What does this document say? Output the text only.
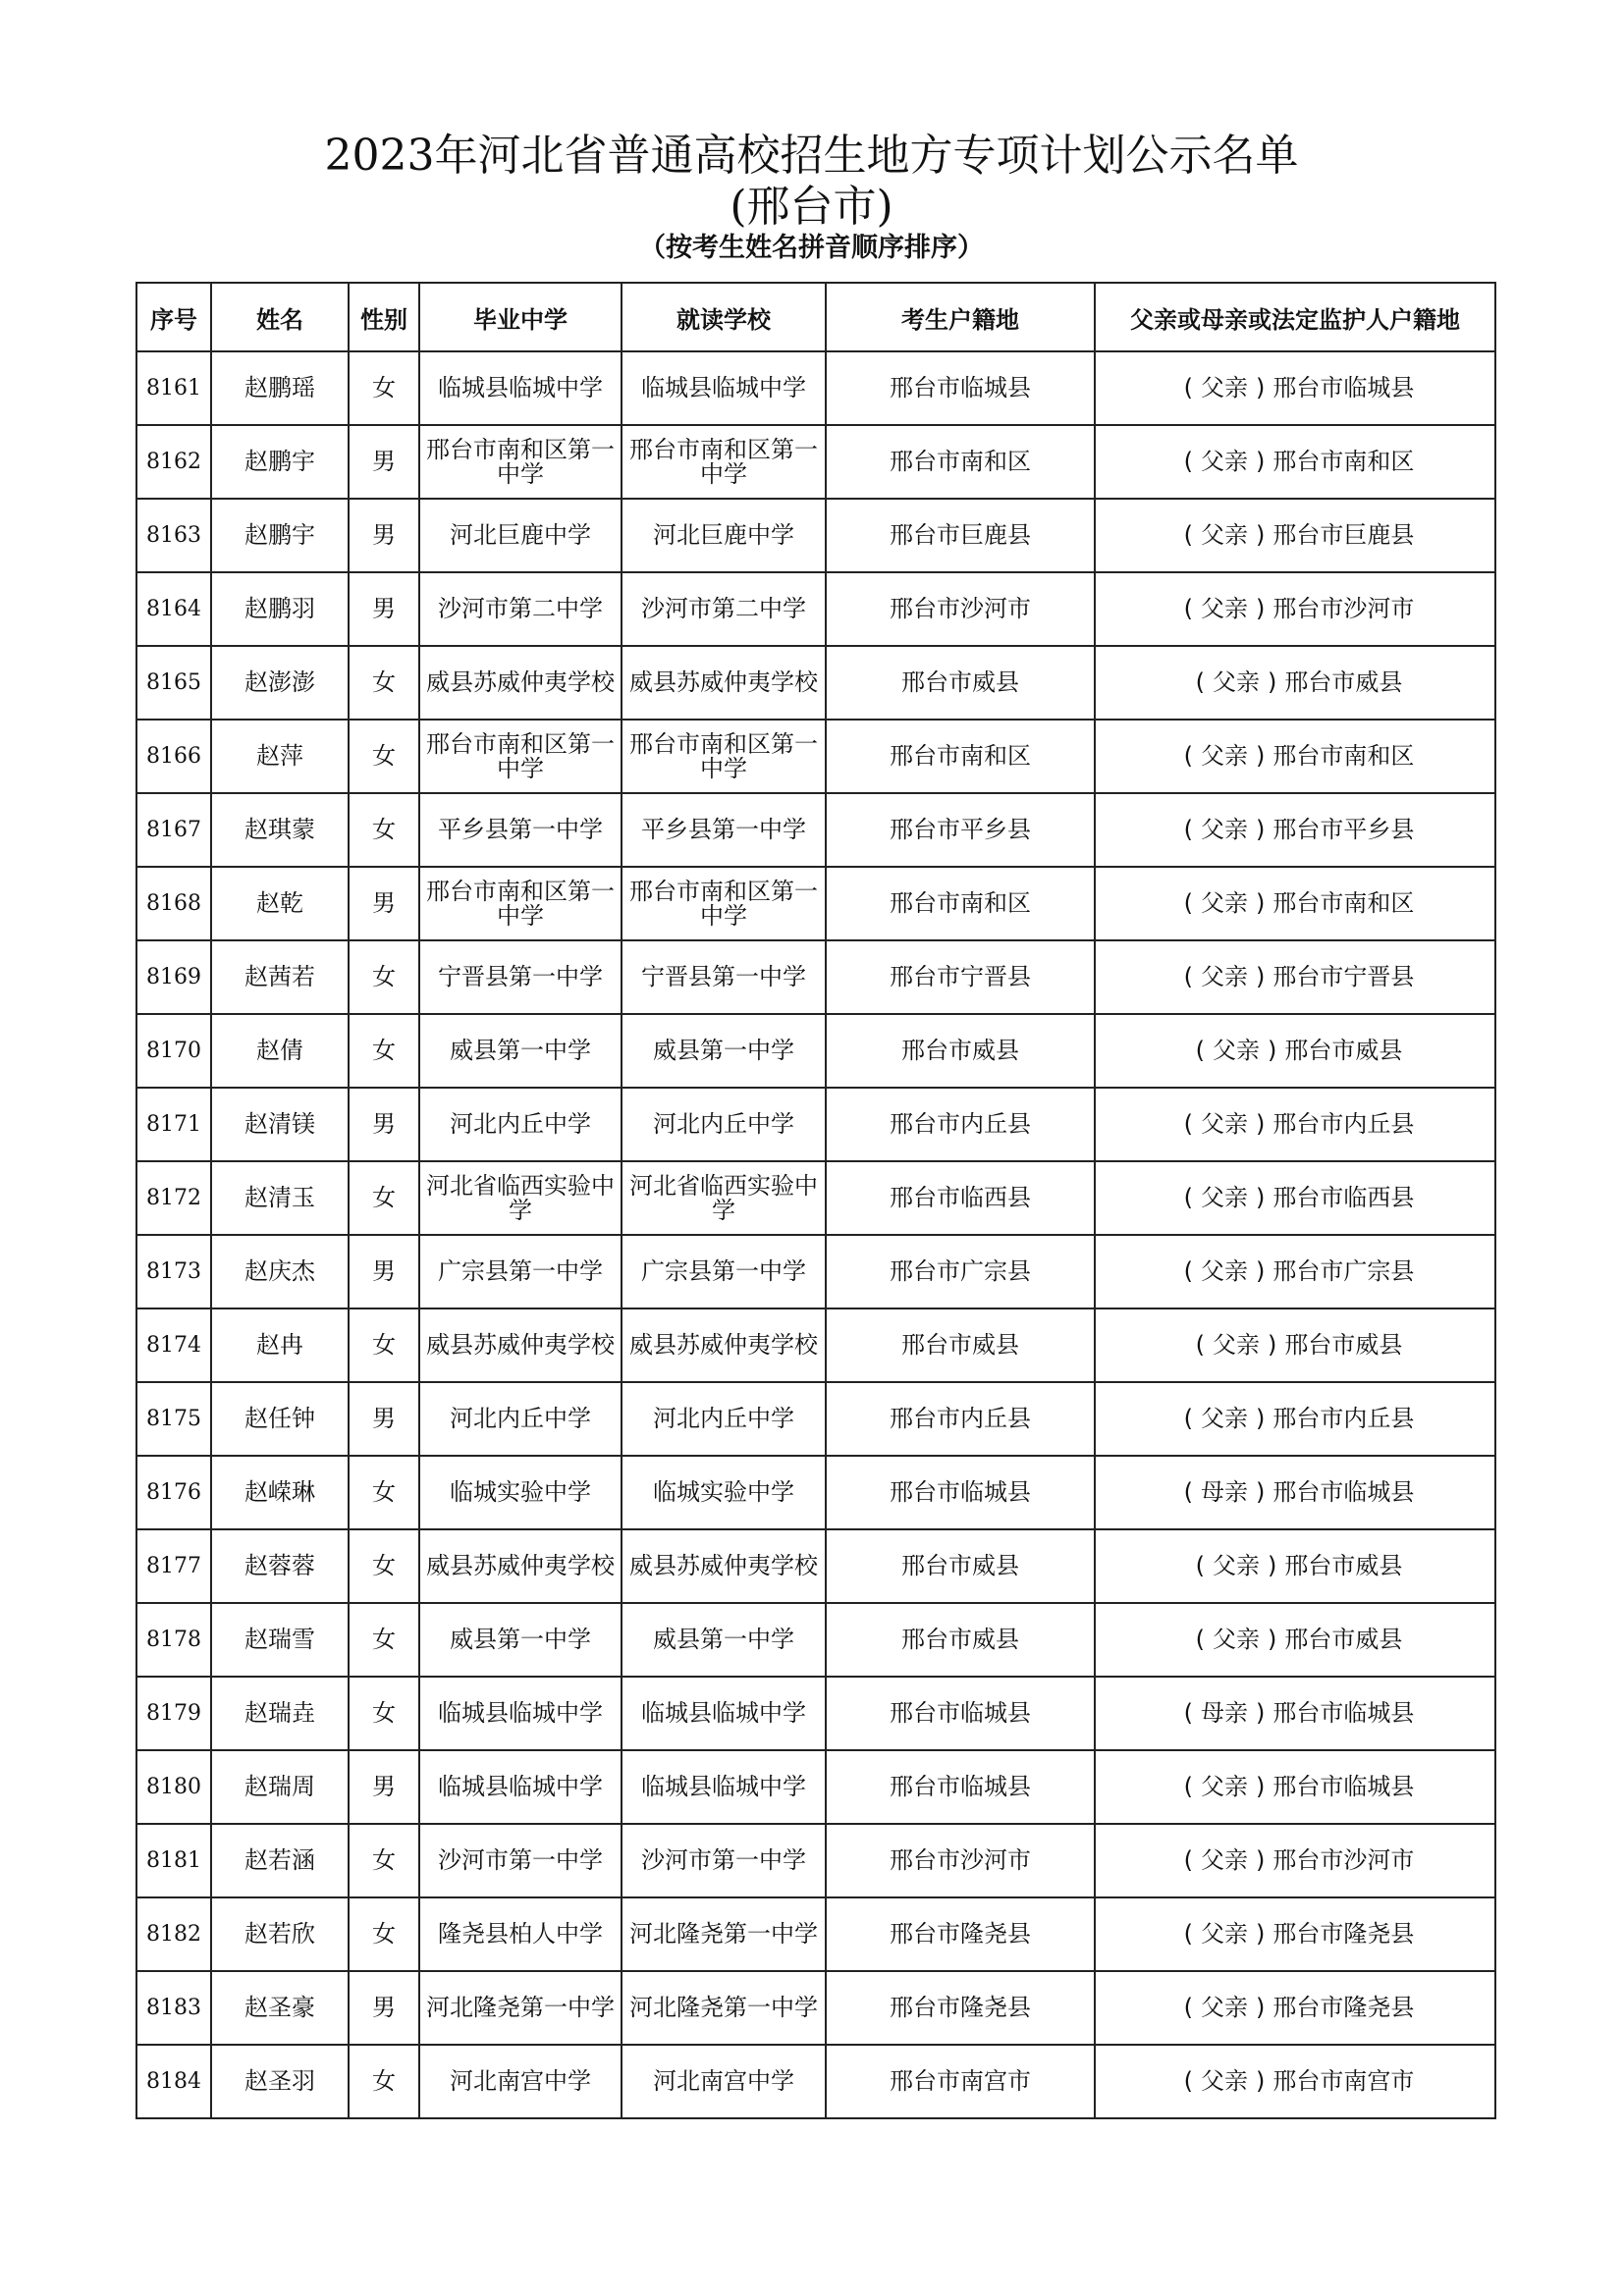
2023年河北省普通高校招生地方专项计划公示名单
(邢台市)
（按考生姓名拼音顺序排序）
序号	姓名	性别	毕业中学	就读学校	考生户籍地	父亲或母亲或法定监护人户籍地
8161	赵鹏瑶	女	临城县临城中学	临城县临城中学	邢台市临城县	( 父亲 ) 邢台市临城县
8162	赵鹏宇	男	邢台市南和区第一中学	邢台市南和区第一中学	邢台市南和区	( 父亲 ) 邢台市南和区
8163	赵鹏宇	男	河北巨鹿中学	河北巨鹿中学	邢台市巨鹿县	( 父亲 ) 邢台市巨鹿县
8164	赵鹏羽	男	沙河市第二中学	沙河市第二中学	邢台市沙河市	( 父亲 ) 邢台市沙河市
8165	赵澎澎	女	威县苏威仲夷学校	威县苏威仲夷学校	邢台市威县	( 父亲 ) 邢台市威县
8166	赵萍	女	邢台市南和区第一中学	邢台市南和区第一中学	邢台市南和区	( 父亲 ) 邢台市南和区
8167	赵琪蒙	女	平乡县第一中学	平乡县第一中学	邢台市平乡县	( 父亲 ) 邢台市平乡县
8168	赵乾	男	邢台市南和区第一中学	邢台市南和区第一中学	邢台市南和区	( 父亲 ) 邢台市南和区
8169	赵茜若	女	宁晋县第一中学	宁晋县第一中学	邢台市宁晋县	( 父亲 ) 邢台市宁晋县
8170	赵倩	女	威县第一中学	威县第一中学	邢台市威县	( 父亲 ) 邢台市威县
8171	赵清镁	男	河北内丘中学	河北内丘中学	邢台市内丘县	( 父亲 ) 邢台市内丘县
8172	赵清玉	女	河北省临西实验中学	河北省临西实验中学	邢台市临西县	( 父亲 ) 邢台市临西县
8173	赵庆杰	男	广宗县第一中学	广宗县第一中学	邢台市广宗县	( 父亲 ) 邢台市广宗县
8174	赵冉	女	威县苏威仲夷学校	威县苏威仲夷学校	邢台市威县	( 父亲 ) 邢台市威县
8175	赵任钟	男	河北内丘中学	河北内丘中学	邢台市内丘县	( 父亲 ) 邢台市内丘县
8176	赵嵘琳	女	临城实验中学	临城实验中学	邢台市临城县	( 母亲 ) 邢台市临城县
8177	赵蓉蓉	女	威县苏威仲夷学校	威县苏威仲夷学校	邢台市威县	( 父亲 ) 邢台市威县
8178	赵瑞雪	女	威县第一中学	威县第一中学	邢台市威县	( 父亲 ) 邢台市威县
8179	赵瑞垚	女	临城县临城中学	临城县临城中学	邢台市临城县	( 母亲 ) 邢台市临城县
8180	赵瑞周	男	临城县临城中学	临城县临城中学	邢台市临城县	( 父亲 ) 邢台市临城县
8181	赵若涵	女	沙河市第一中学	沙河市第一中学	邢台市沙河市	( 父亲 ) 邢台市沙河市
8182	赵若欣	女	隆尧县柏人中学	河北隆尧第一中学	邢台市隆尧县	( 父亲 ) 邢台市隆尧县
8183	赵圣豪	男	河北隆尧第一中学	河北隆尧第一中学	邢台市隆尧县	( 父亲 ) 邢台市隆尧县
8184	赵圣羽	女	河北南宫中学	河北南宫中学	邢台市南宫市	( 父亲 ) 邢台市南宫市
